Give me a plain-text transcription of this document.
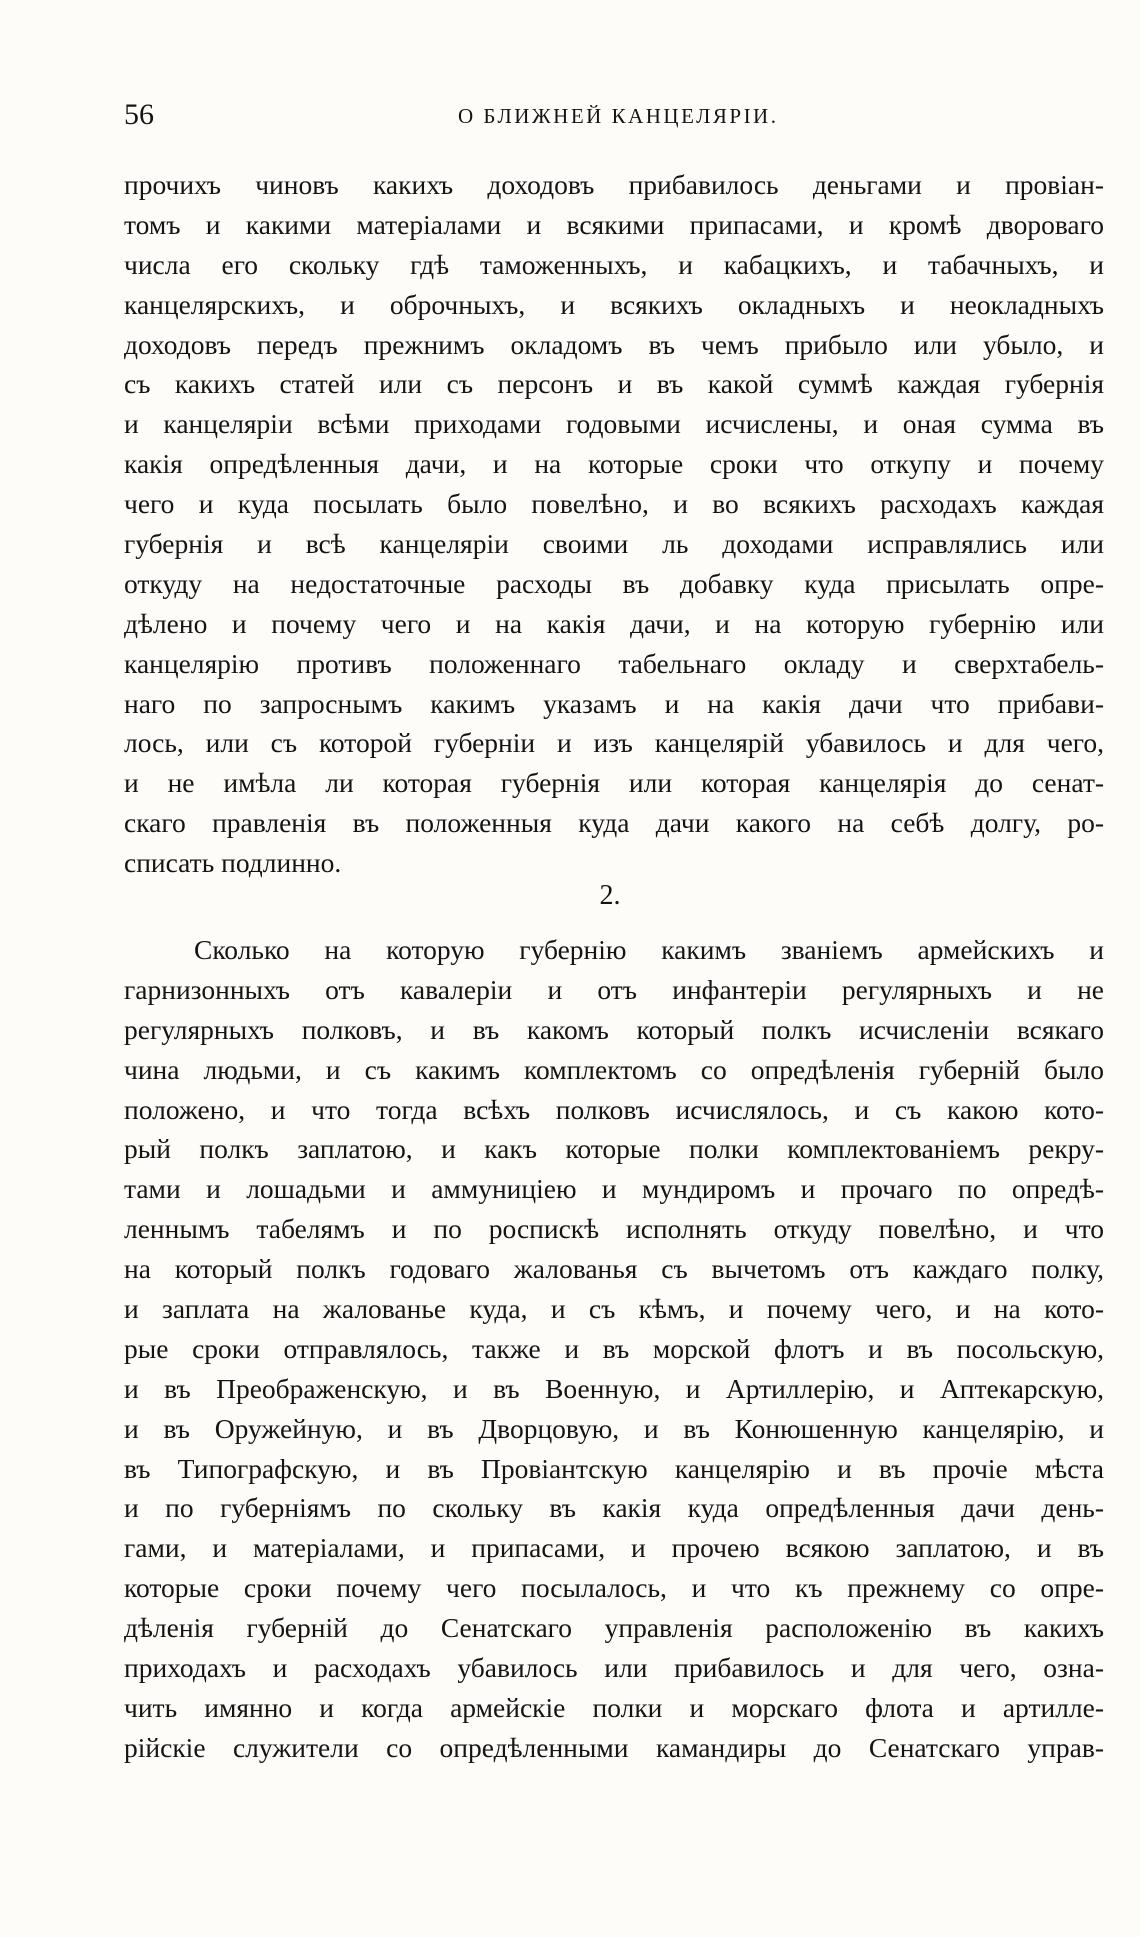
56	О БЛИЖНЕЙ КАНЦЕЛЯРІИ.
прочихъ чиновъ какихъ доходовъ прибавилось деньгами и провіан-
томъ и какими матеріалами и всякими припасами, и кромѣ двороваго
числа его скольку гдѣ таможенныхъ, и кабацкихъ, и табачныхъ, и
канцелярскихъ, и оброчныхъ, и всякихъ окладныхъ и неокладныхъ
доходовъ передъ прежнимъ окладомъ въ чемъ прибыло или убыло, и
съ какихъ статей или съ персонъ и въ какой суммѣ каждая губернія
и канцеляріи всѣми приходами годовыми исчислены, и оная сумма въ
какія опредѣленныя дачи, и на которые сроки что откупу и почему
чего и куда посылать было повелѣно, и во всякихъ расходахъ каждая
губернія и всѣ канцеляріи своими ль доходами исправлялись или
откуду на недостаточные расходы въ добавку куда присылать опре-
дѣлено и почему чего и на какія дачи, и на которую губернію или
канцелярію противъ положеннаго табельнаго окладу и сверхтабель-
наго по запроснымъ какимъ указамъ и на какія дачи что прибави-
лось, или съ которой губерніи и изъ канцелярій убавилось и для чего,
и не имѣла ли которая губернія или которая канцелярія до сенат-
скаго правленія въ положенныя куда дачи какого на себѣ долгу, ро-
списать подлинно.
2.
Сколько на которую губернію какимъ званіемъ армейскихъ и
гарнизонныхъ отъ кавалеріи и отъ инфантеріи регулярныхъ и не
регулярныхъ полковъ, и въ какомъ который полкъ исчисленіи всякаго
чина людьми, и съ какимъ комплектомъ со опредѣленія губерній было
положено, и что тогда всѣхъ полковъ исчислялось, и съ какою кото-
рый полкъ заплатою, и какъ которые полки комплектованіемъ рекру-
тами и лошадьми и аммуниціею и мундиромъ и прочаго по опредѣ-
леннымъ табелямъ и по роспискѣ исполнять откуду повелѣно, и что
на который полкъ годоваго жалованья съ вычетомъ отъ каждаго полку,
и заплата на жалованье куда, и съ кѣмъ, и почему чего, и на кото-
рые сроки отправлялось, также и въ морской флотъ и въ посольскую,
и въ Преображенскую, и въ Военную, и Артиллерію, и Аптекарскую,
и въ Оружейную, и въ Дворцовую, и въ Конюшенную канцелярію, и
въ Типографскую, и въ Провіантскую канцелярію и въ прочіе мѣста
и по губерніямъ по скольку въ какія куда опредѣленныя дачи день-
гами, и матеріалами, и припасами, и прочею всякою заплатою, и въ
которые сроки почему чего посылалось, и что къ прежнему со опре-
дѣленія губерній до Сенатскаго управленія расположенію въ какихъ
приходахъ и расходахъ убавилось или прибавилось и для чего, озна-
чить имянно и когда армейскіе полки и морскаго флота и артилле-
рійскіе служители со опредѣленными камандиры до Сенатскаго управ-
